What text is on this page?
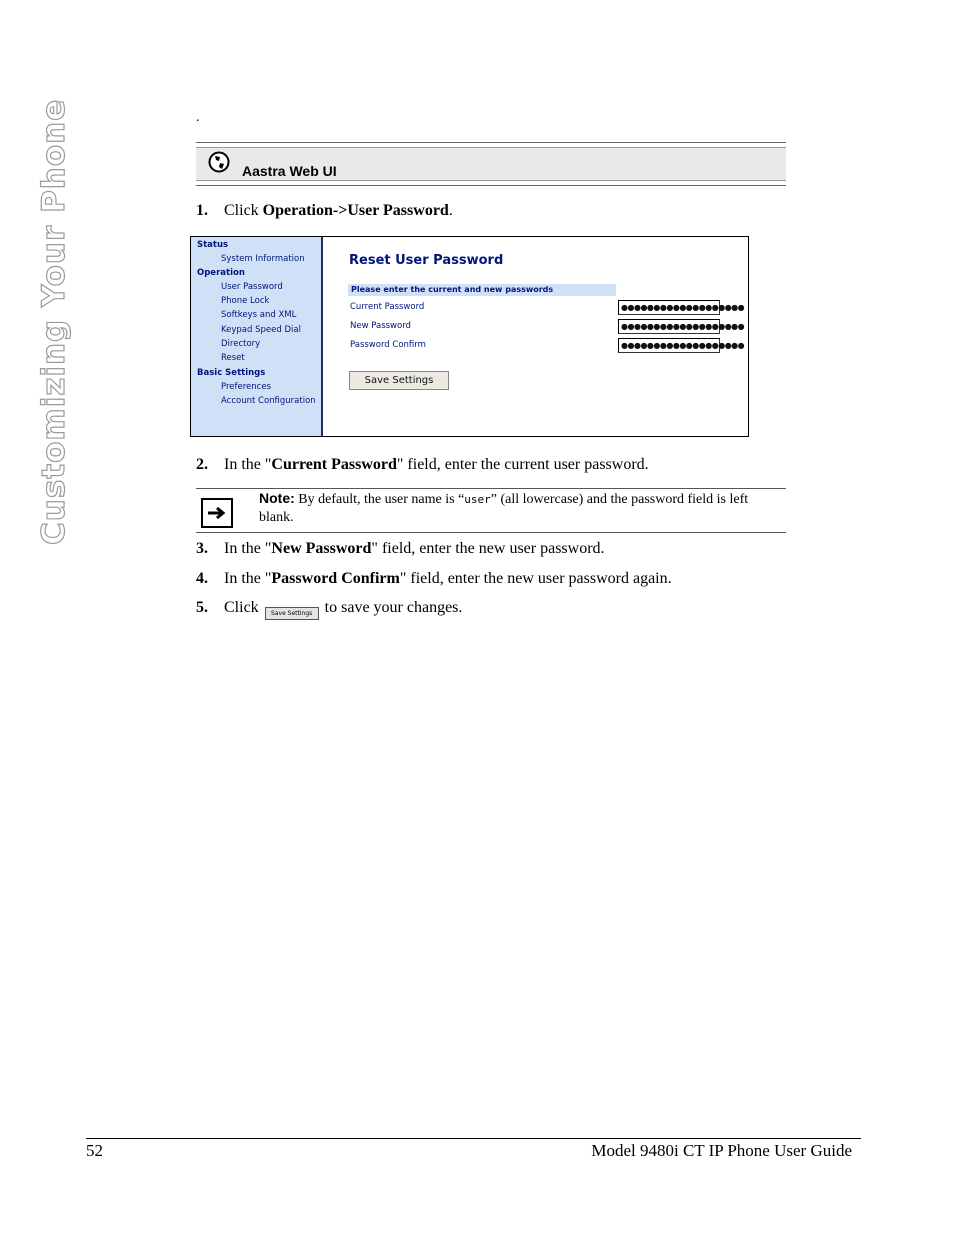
Customizing Your Phone	.
Aastra Web UI
1. Click Operation->User Password.
Status
System Information
Operation
User Password
Phone Lock
Softkeys and XML
Keypad Speed Dial
Directory
Reset
Basic Settings
Preferences
Account Configuration
Reset User Password
Please enter the current and new passwords
Current Password	●●●●●●●●●●●●●●●●●●●
New Password	●●●●●●●●●●●●●●●●●●●
Password Confirm	●●●●●●●●●●●●●●●●●●●
Save Settings
2. In the "Current Password" field, enter the current user password.
Note: By default, the user name is “user” (all lowercase) and the password field is left blank.
3. In the "New Password" field, enter the new user password.
4. In the "Password Confirm" field, enter the new user password again.
5. Click Save Settings to save your changes.
52	Model 9480i CT IP Phone User Guide
